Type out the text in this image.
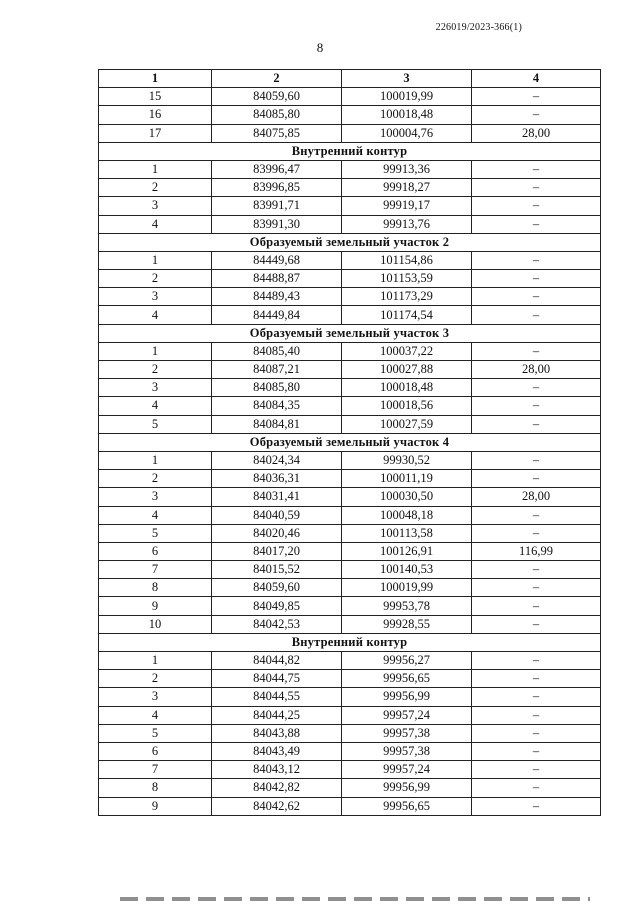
226019/2023-366(1)
8
1	2	3	4
15	84059,60	100019,99	–
16	84085,80	100018,48	–
17	84075,85	100004,76	28,00
Внутренний контур			
1	83996,47	99913,36	–
2	83996,85	99918,27	–
3	83991,71	99919,17	–
4	83991,30	99913,76	–
Образуемый земельный участок 2			
1	84449,68	101154,86	–
2	84488,87	101153,59	–
3	84489,43	101173,29	–
4	84449,84	101174,54	–
Образуемый земельный участок 3			
1	84085,40	100037,22	–
2	84087,21	100027,88	28,00
3	84085,80	100018,48	–
4	84084,35	100018,56	–
5	84084,81	100027,59	–
Образуемый земельный участок 4			
1	84024,34	99930,52	–
2	84036,31	100011,19	–
3	84031,41	100030,50	28,00
4	84040,59	100048,18	–
5	84020,46	100113,58	–
6	84017,20	100126,91	116,99
7	84015,52	100140,53	–
8	84059,60	100019,99	–
9	84049,85	99953,78	–
10	84042,53	99928,55	–
Внутренний контур			
1	84044,82	99956,27	–
2	84044,75	99956,65	–
3	84044,55	99956,99	–
4	84044,25	99957,24	–
5	84043,88	99957,38	–
6	84043,49	99957,38	–
7	84043,12	99957,24	–
8	84042,82	99956,99	–
9	84042,62	99956,65	–
